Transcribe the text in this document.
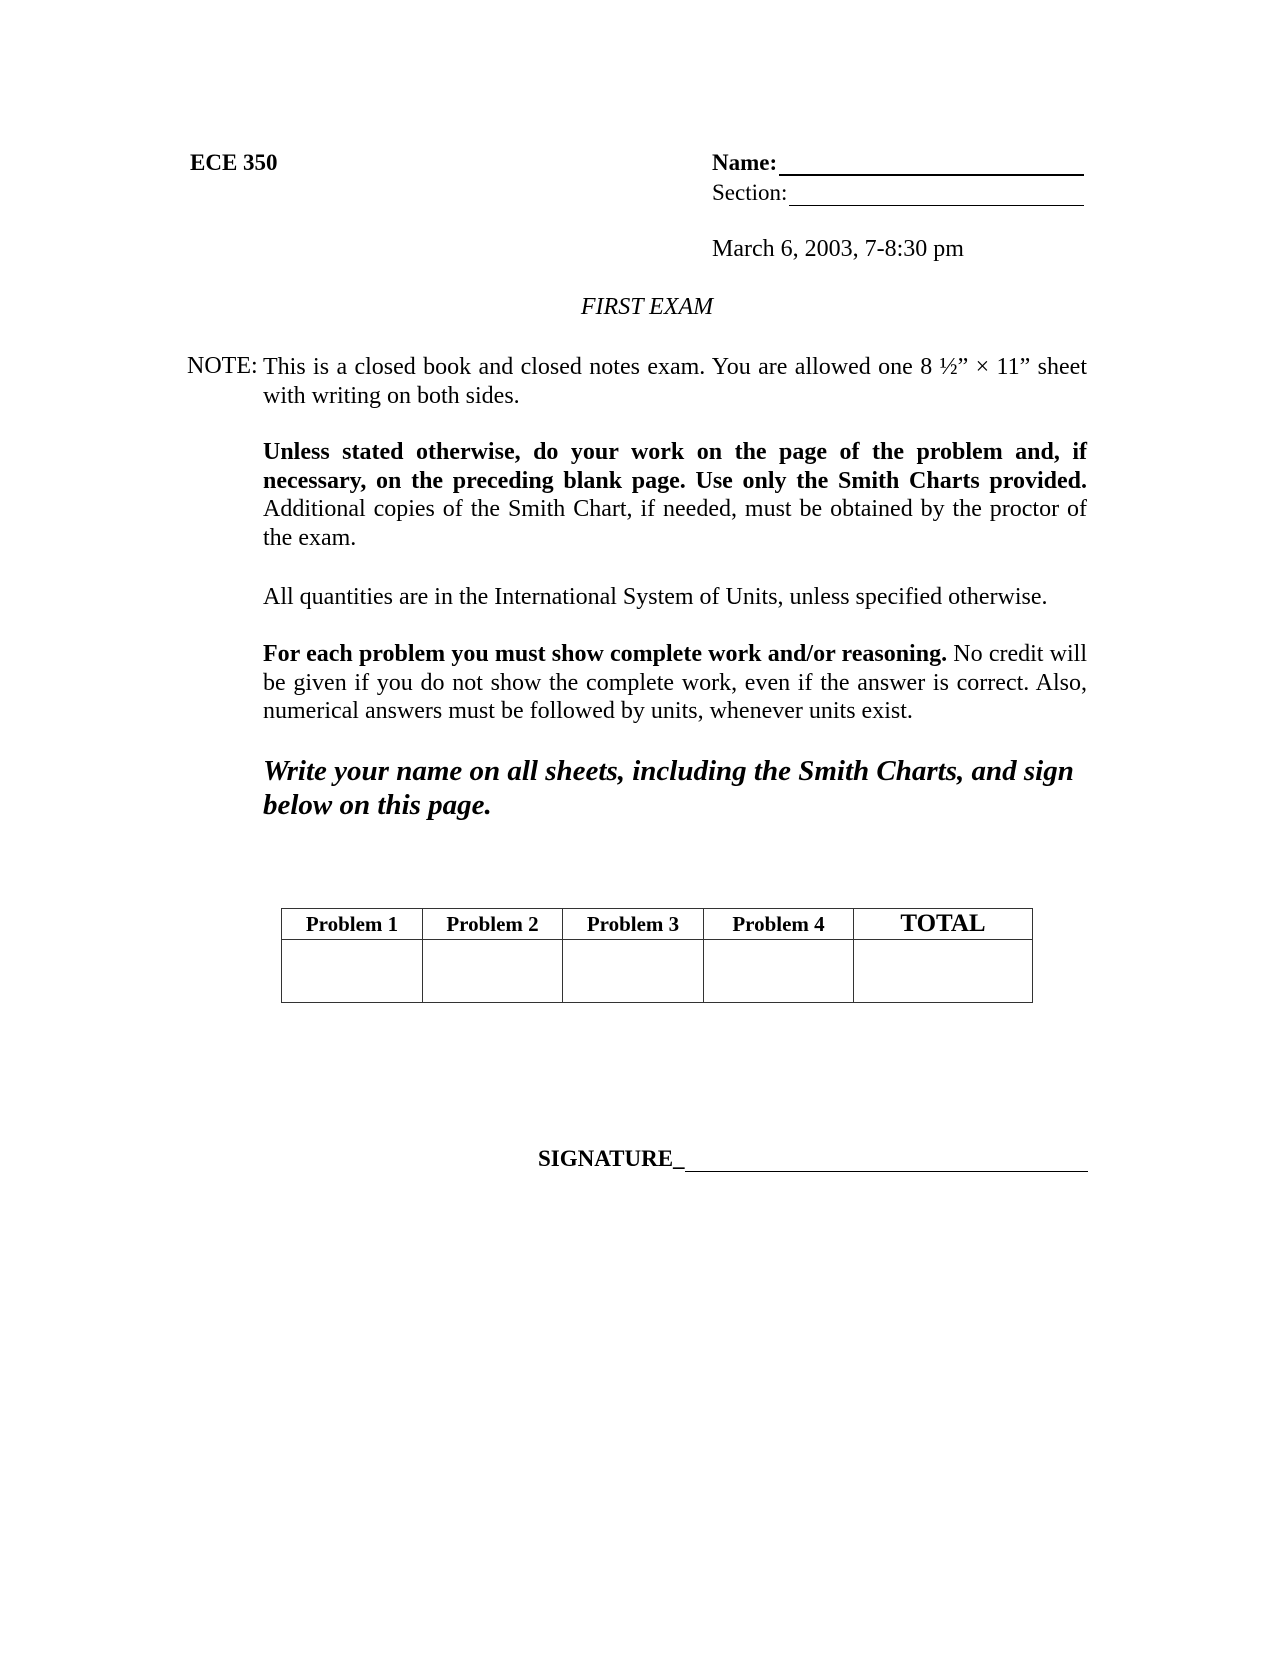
ECE 350	Name:
Section:
March 6, 2003, 7-8:30 pm
FIRST EXAM
NOTE: This is a closed book and closed notes exam. You are allowed one 8 ½” × 11” sheet with writing on both sides.
Unless stated otherwise, do your work on the page of the problem and, if necessary, on the preceding blank page. Use only the Smith Charts provided. Additional copies of the Smith Chart, if needed, must be obtained by the proctor of the exam.
All quantities are in the International System of Units, unless specified otherwise.
For each problem you must show complete work and/or reasoning. No credit will be given if you do not show the complete work, even if the answer is correct. Also, numerical answers must be followed by units, whenever units exist.
Write your name on all sheets, including the Smith Charts, and sign below on this page.
Problem 1	Problem 2	Problem 3	Problem 4	TOTAL

SIGNATURE_
